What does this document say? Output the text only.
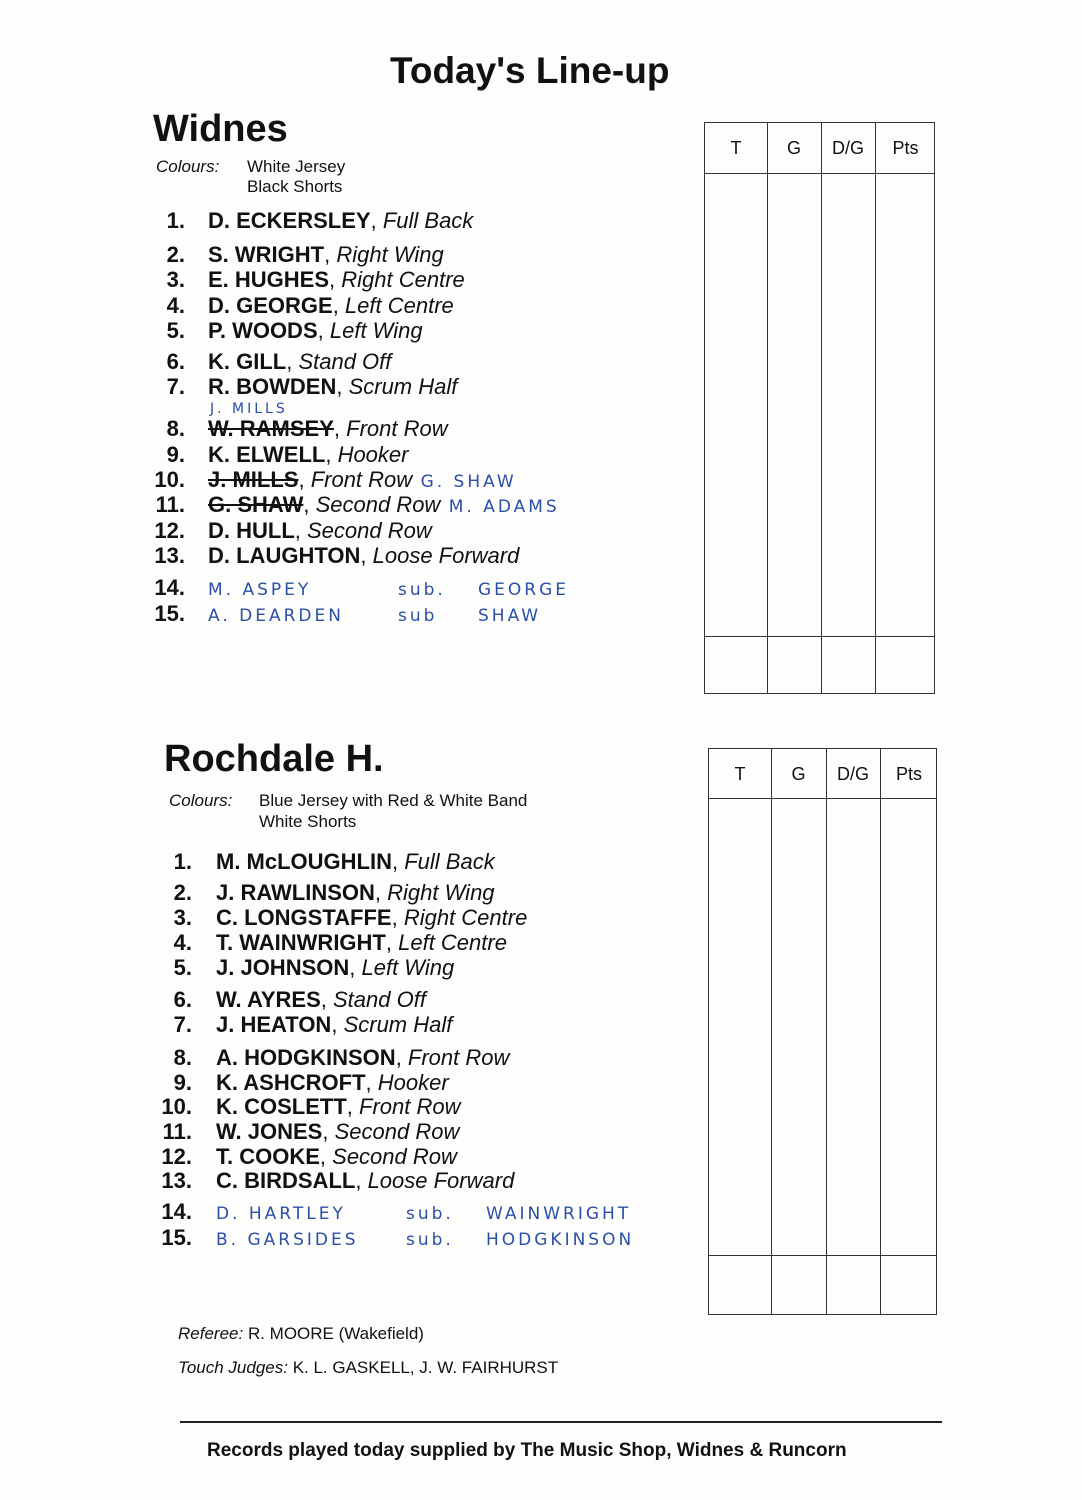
Today's Line-up
Widnes
Colours: White Jersey
Black Shorts
1. D. ECKERSLEY, Full Back
2. S. WRIGHT, Right Wing
3. E. HUGHES, Right Centre
4. D. GEORGE, Left Centre
5. P. WOODS, Left Wing
6. K. GILL, Stand Off
7. R. BOWDEN, Scrum Half
8. W. RAMSEY, Front Row
J. MILLS
9. K. ELWELL, Hooker
10. J. MILLS, Front Row G. SHAW
11. G. SHAW, Second Row M. ADAMS
12. D. HULL, Second Row
13. D. LAUGHTON, Loose Forward
14. M. ASPEY	sub. GEORGE
15. A. DEARDEN	sub SHAW
Rochdale H.
Colours: Blue Jersey with Red & White Band
White Shorts
1. M. McLOUGHLIN, Full Back
2. J. RAWLINSON, Right Wing
3. C. LONGSTAFFE, Right Centre
4. T. WAINWRIGHT, Left Centre
5. J. JOHNSON, Left Wing
6. W. AYRES, Stand Off
7. J. HEATON, Scrum Half
8. A. HODGKINSON, Front Row
9. K. ASHCROFT, Hooker
10. K. COSLETT, Front Row
11. W. JONES, Second Row
12. T. COOKE, Second Row
13. C. BIRDSALL, Loose Forward
14. D. HARTLEY	sub. WAINWRIGHT
15. B. GARSIDES	sub. HODGKINSON
T	G	D/G	Pts
T	G	D/G	Pts
Referee: R. MOORE (Wakefield)
Touch Judges: K. L. GASKELL, J. W. FAIRHURST
Records played today supplied by The Music Shop, Widnes & Runcorn
